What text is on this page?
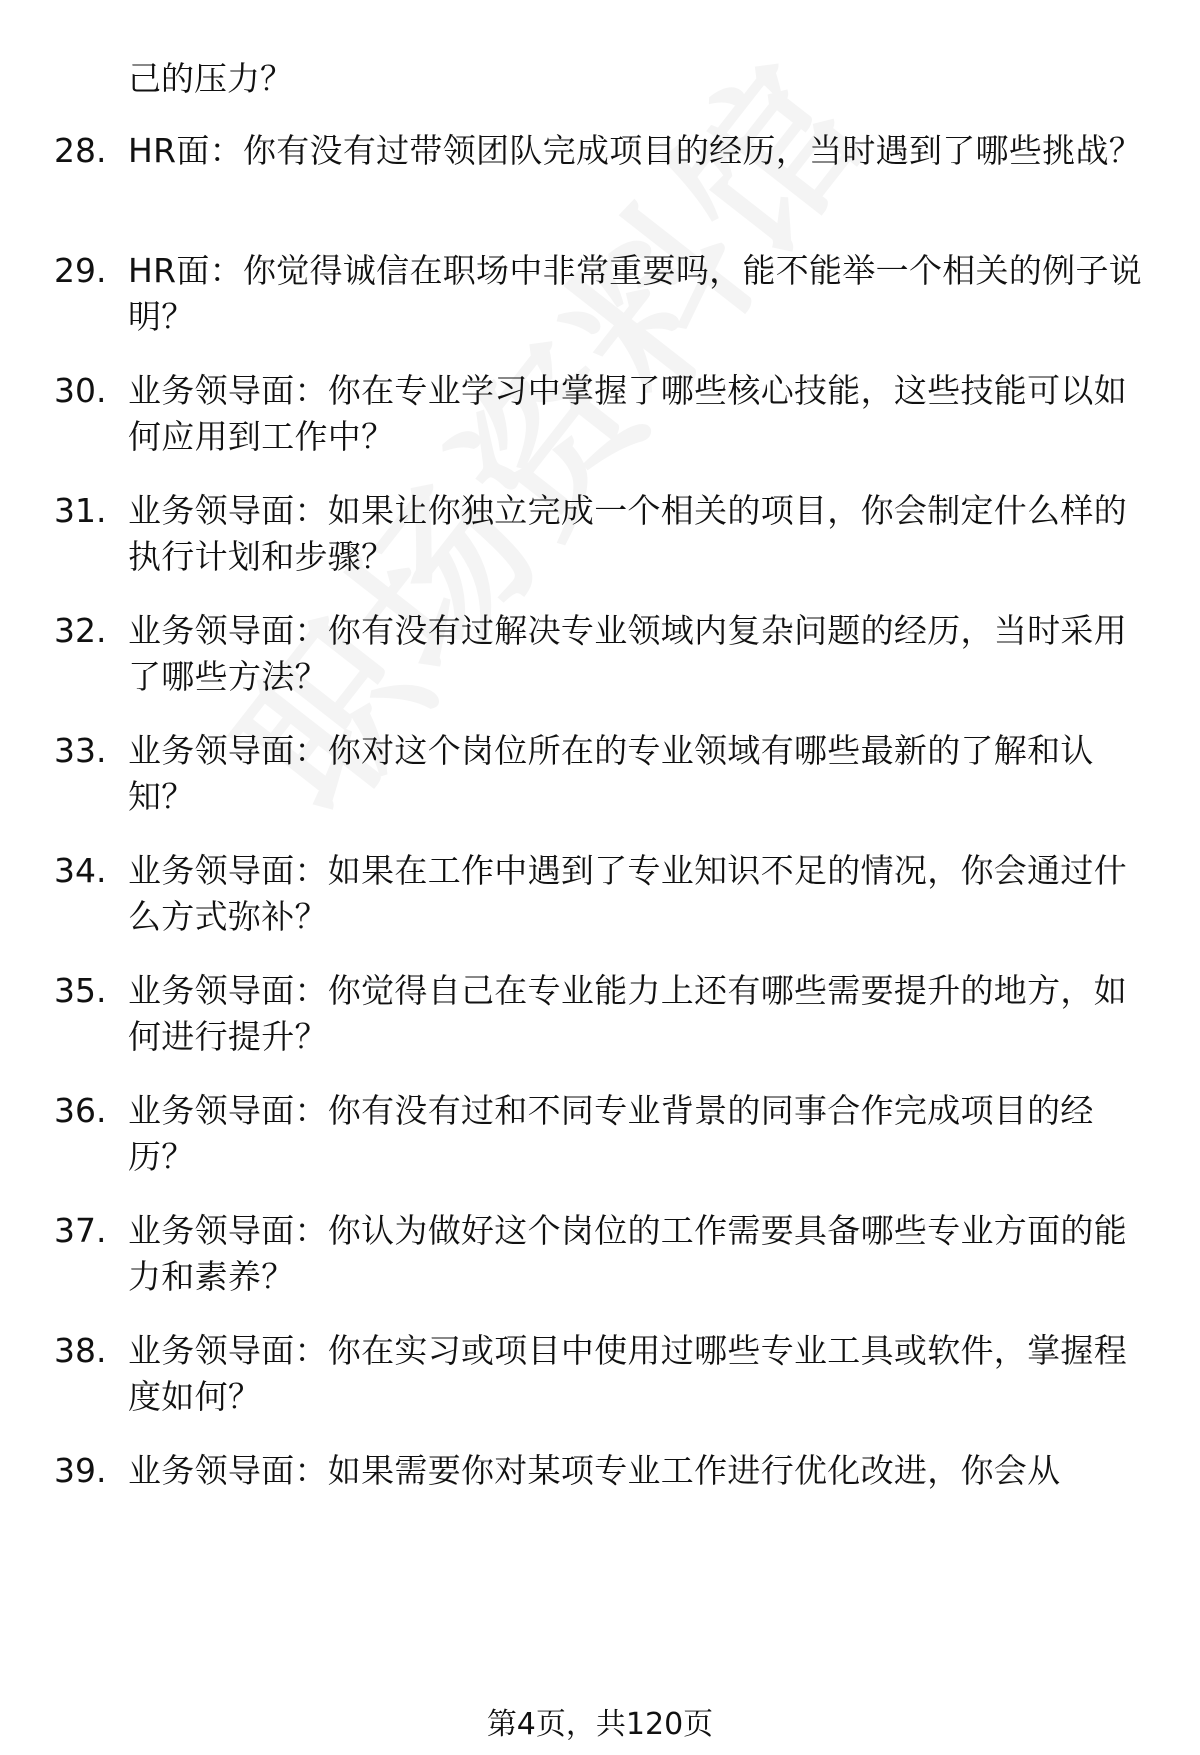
己的压力？
28. HR面：你有没有过带领团队完成项目的经历，当时遇到了哪些挑战？
29. HR面：你觉得诚信在职场中非常重要吗，能不能举一个相关的例子说明？
30. 业务领导面：你在专业学习中掌握了哪些核心技能，这些技能可以如何应用到工作中？
31. 业务领导面：如果让你独立完成一个相关的项目，你会制定什么样的执行计划和步骤？
32. 业务领导面：你有没有过解决专业领域内复杂问题的经历，当时采用了哪些方法？
33. 业务领导面：你对这个岗位所在的专业领域有哪些最新的了解和认知？
34. 业务领导面：如果在工作中遇到了专业知识不足的情况，你会通过什么方式弥补？
35. 业务领导面：你觉得自己在专业能力上还有哪些需要提升的地方，如何进行提升？
36. 业务领导面：你有没有过和不同专业背景的同事合作完成项目的经历？
37. 业务领导面：你认为做好这个岗位的工作需要具备哪些专业方面的能力和素养？
38. 业务领导面：你在实习或项目中使用过哪些专业工具或软件，掌握程度如何？
39. 业务领导面：如果需要你对某项专业工作进行优化改进，你会从
第4页，共120页
